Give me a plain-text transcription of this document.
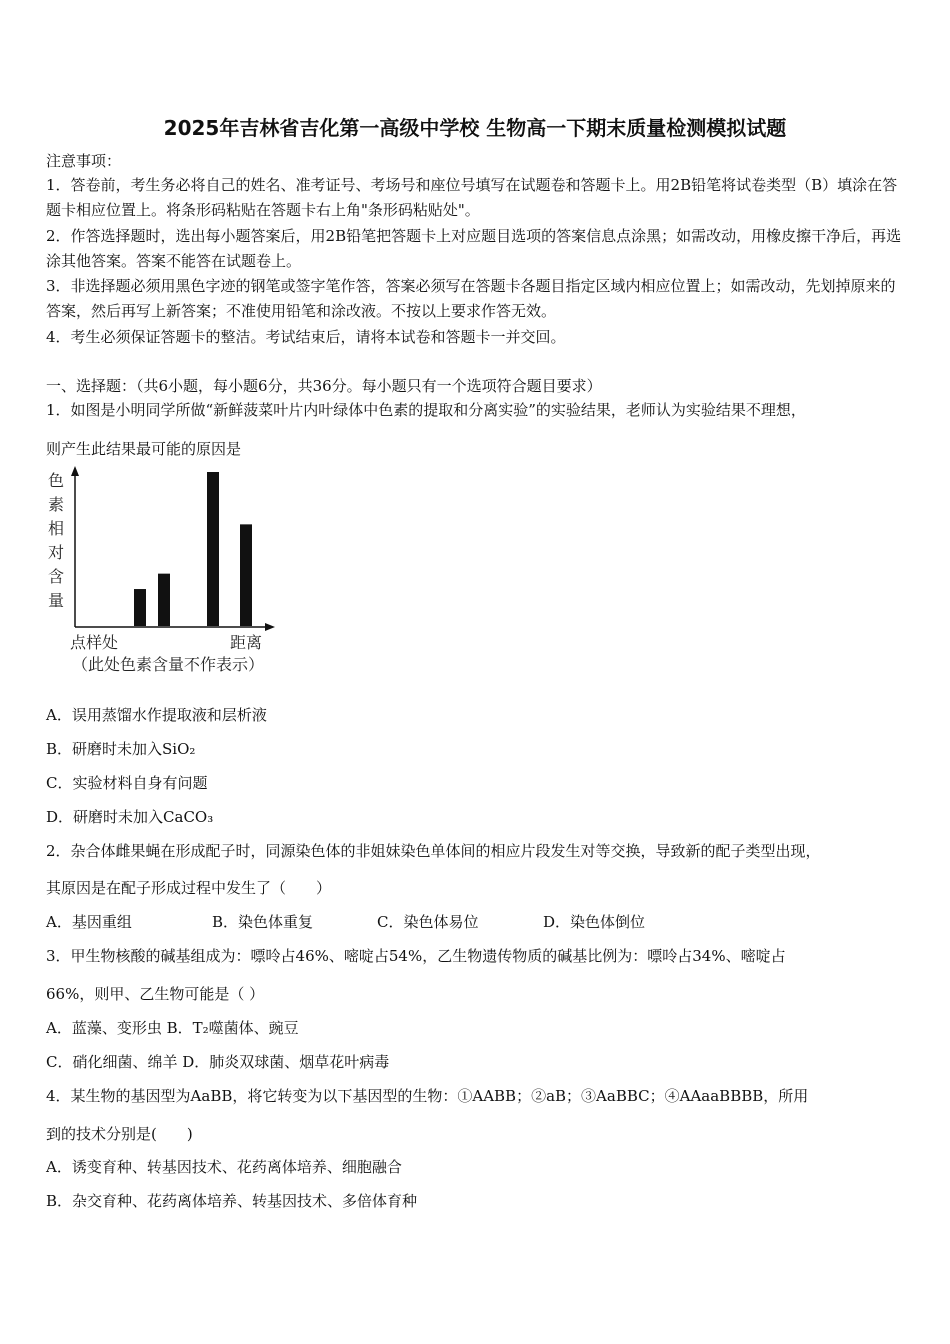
2025年吉林省吉化第一高级中学校 生物高一下期末质量检测模拟试题
注意事项：
1．答卷前，考生务必将自己的姓名、准考证号、考场号和座位号填写在试题卷和答题卡上。用2B铅笔将试卷类型（B）填涂在答题卡相应位置上。将条形码粘贴在答题卡右上角"条形码粘贴处"。
2．作答选择题时，选出每小题答案后，用2B铅笔把答题卡上对应题目选项的答案信息点涂黑；如需改动，用橡皮擦干净后，再选涂其他答案。答案不能答在试题卷上。
3．非选择题必须用黑色字迹的钢笔或签字笔作答，答案必须写在答题卡各题目指定区域内相应位置上；如需改动，先划掉原来的答案，然后再写上新答案；不准使用铅笔和涂改液。不按以上要求作答无效。
4．考生必须保证答题卡的整洁。考试结束后，请将本试卷和答题卡一并交回。
一、选择题：（共6小题，每小题6分，共36分。每小题只有一个选项符合题目要求）
1．如图是小明同学所做“新鲜菠菜叶片内叶绿体中色素的提取和分离实验”的实验结果，老师认为实验结果不理想，
则产生此结果最可能的原因是
色素相对含量
点样处	距离
（此处色素含量不作表示）
A．误用蒸馏水作提取液和层析液
B．研磨时未加入SiO₂
C．实验材料自身有问题
D．研磨时未加入CaCO₃
2．杂合体雌果蝇在形成配子时，同源染色体的非姐妹染色单体间的相应片段发生对等交换，导致新的配子类型出现，
其原因是在配子形成过程中发生了（　　）
A．基因重组	B．染色体重复	C．染色体易位	D．染色体倒位
3．甲生物核酸的碱基组成为：嘌呤占46%、嘧啶占54%，乙生物遗传物质的碱基比例为：嘌呤占34%、嘧啶占
66%，则甲、乙生物可能是（ ）
A．蓝藻、变形虫 B．T₂噬菌体、豌豆
C．硝化细菌、绵羊 D．肺炎双球菌、烟草花叶病毒
4．某生物的基因型为AaBB，将它转变为以下基因型的生物：①AABB；②aB；③AaBBC；④AAaaBBBB，所用
到的技术分别是(　　)
A．诱变育种、转基因技术、花药离体培养、细胞融合
B．杂交育种、花药离体培养、转基因技术、多倍体育种
